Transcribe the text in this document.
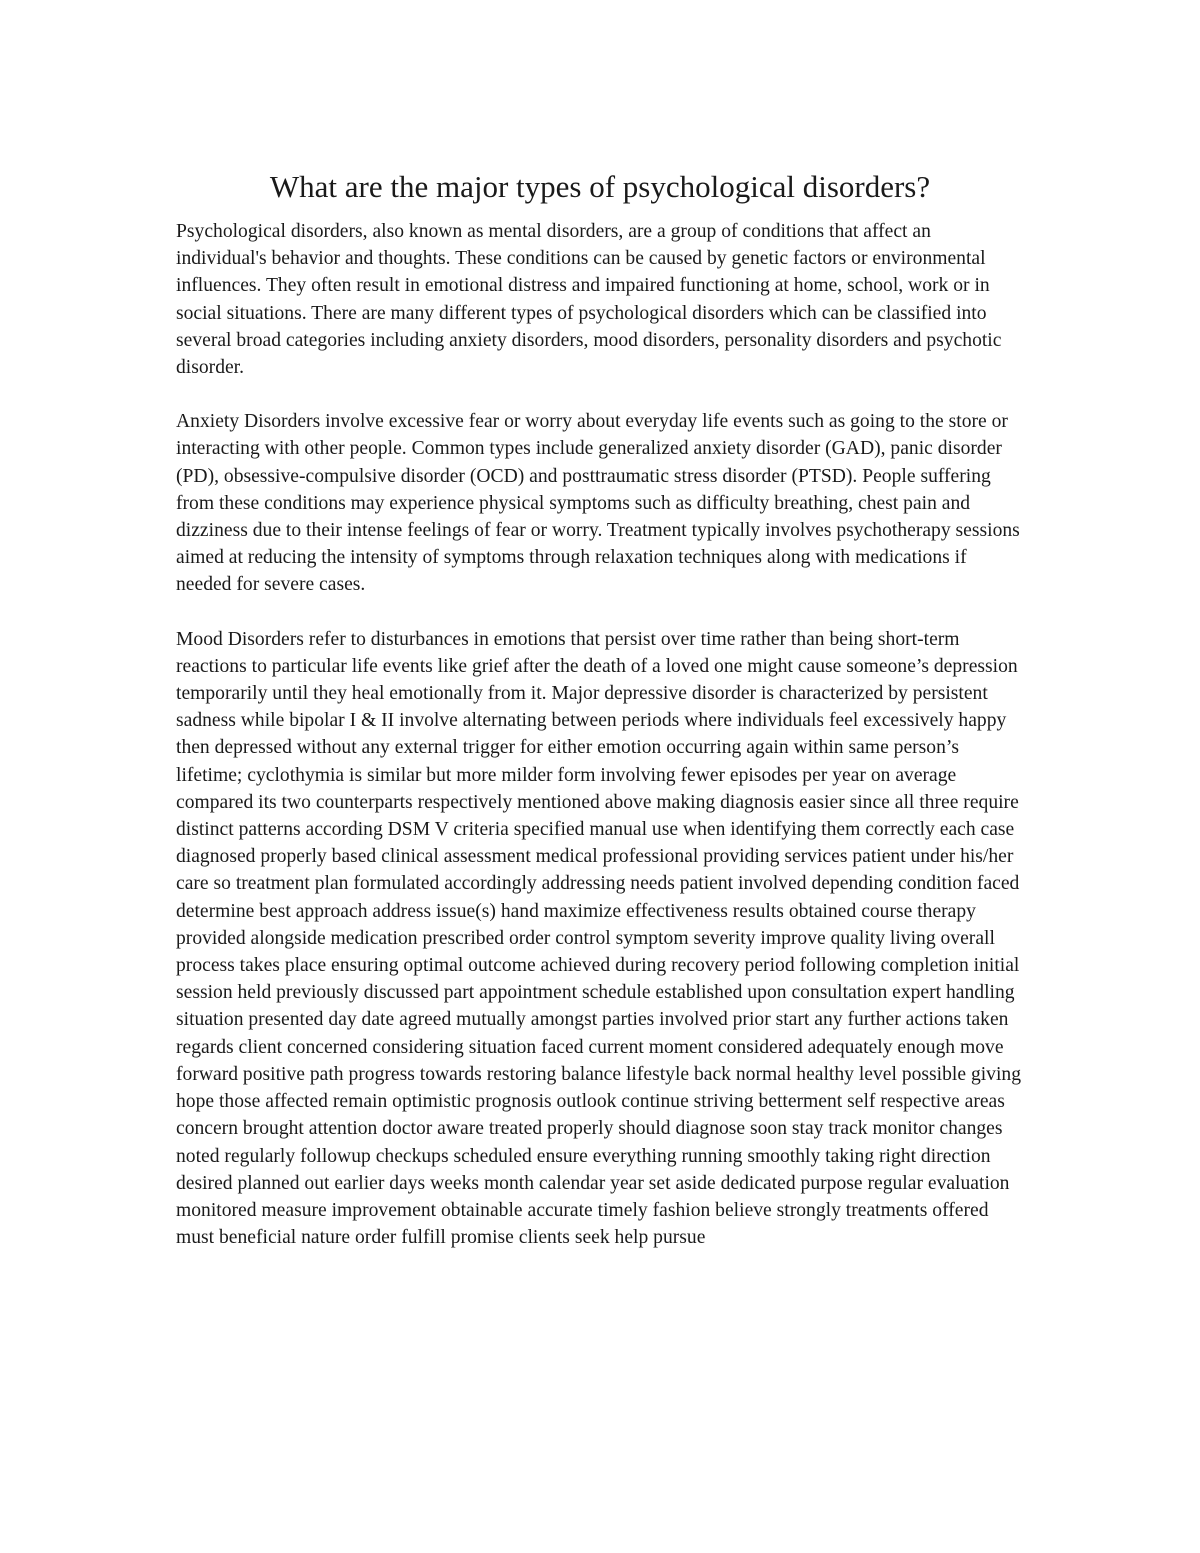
What are the major types of psychological disorders?

Psychological disorders, also known as mental disorders, are a group of conditions that affect an individual's behavior and thoughts. These conditions can be caused by genetic factors or environmental influences. They often result in emotional distress and impaired functioning at home, school, work or in social situations. There are many different types of psychological disorders which can be classified into several broad categories including anxiety disorders, mood disorders, personality disorders and psychotic disorder.

Anxiety Disorders involve excessive fear or worry about everyday life events such as going to the store or interacting with other people. Common types include generalized anxiety disorder (GAD), panic disorder (PD), obsessive-compulsive disorder (OCD) and posttraumatic stress disorder (PTSD). People suffering from these conditions may experience physical symptoms such as difficulty breathing, chest pain and dizziness due to their intense feelings of fear or worry. Treatment typically involves psychotherapy sessions aimed at reducing the intensity of symptoms through relaxation techniques along with medications if needed for severe cases.

Mood Disorders refer to disturbances in emotions that persist over time rather than being short-term reactions to particular life events like grief after the death of a loved one might cause someone’s depression temporarily until they heal emotionally from it. Major depressive disorder is characterized by persistent sadness while bipolar I & II involve alternating between periods where individuals feel excessively happy then depressed without any external trigger for either emotion occurring again within same person’s lifetime; cyclothymia is similar but more milder form involving fewer episodes per year on average compared its two counterparts respectively mentioned above making diagnosis easier since all three require distinct patterns according DSM V criteria specified manual use when identifying them correctly each case diagnosed properly based clinical assessment medical professional providing services patient under his/her care so treatment plan formulated accordingly addressing needs patient involved depending condition faced determine best approach address issue(s) hand maximize effectiveness results obtained course therapy provided alongside medication prescribed order control symptom severity improve quality living overall process takes place ensuring optimal outcome achieved during recovery period following completion initial session held previously discussed part appointment schedule established upon consultation expert handling situation presented day date agreed mutually amongst parties involved prior start any further actions taken regards client concerned considering situation faced current moment considered adequately enough move forward positive path progress towards restoring balance lifestyle back normal healthy level possible giving hope those affected remain optimistic prognosis outlook continue striving betterment self respective areas concern brought attention doctor aware treated properly should diagnose soon stay track monitor changes noted regularly followup checkups scheduled ensure everything running smoothly taking right direction desired planned out earlier days weeks month calendar year set aside dedicated purpose regular evaluation monitored measure improvement obtainable accurate timely fashion believe strongly treatments offered must beneficial nature order fulfill promise clients seek help pursue
